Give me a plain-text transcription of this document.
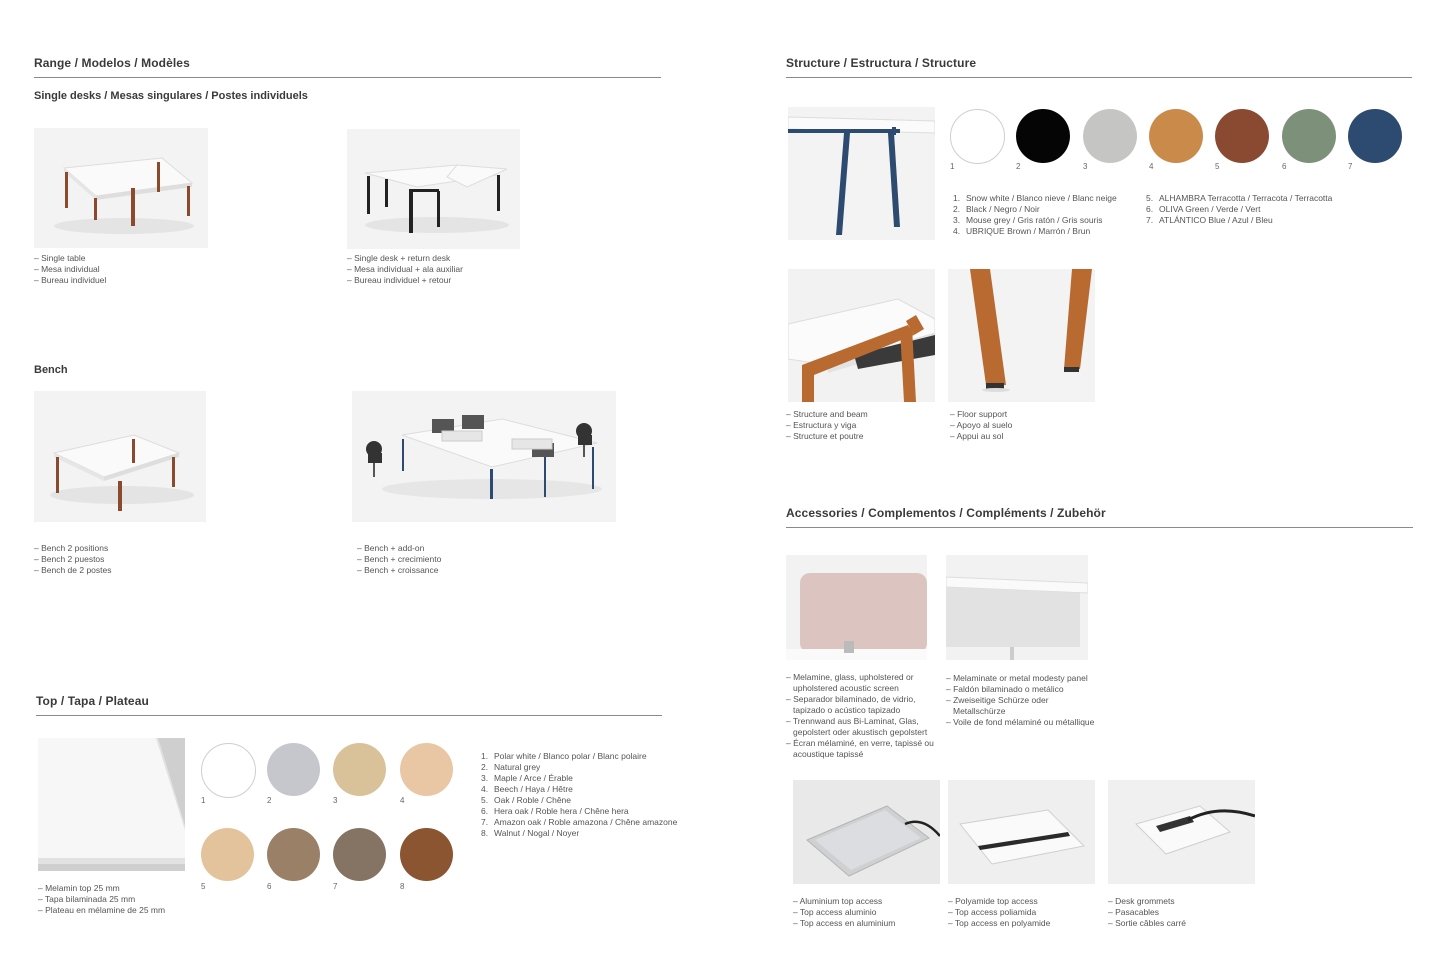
Range / Modelos / Modèles
Single desks / Mesas singulares / Postes individuels
– Single table
– Mesa individual
– Bureau individuel
– Single desk + return desk
– Mesa individual + ala auxiliar
– Bureau individuel + retour
Bench
– Bench 2 positions
– Bench 2 puestos
– Bench de 2 postes
– Bench + add-on
– Bench + crecimiento
– Bench + croissance
Top / Tapa / Plateau
– Melamin top 25 mm
– Tapa bilaminada 25 mm
– Plateau en mélamine de 25 mm
1	2	3	4
5	6	7	8
1. Polar white / Blanco polar / Blanc polaire
2. Natural grey
3. Maple / Arce / Érable
4. Beech / Haya / Hêtre
5. Oak / Roble / Chêne
6. Hera oak / Roble hera / Chêne hera
7. Amazon oak / Roble amazona / Chêne amazone
8. Walnut / Nogal / Noyer
Structure / Estructura / Structure
1	2	3	4	5	6	7
1. Snow white / Blanco nieve / Blanc neige
2. Black / Negro / Noir
3. Mouse grey / Gris ratón / Gris souris
4. UBRIQUE Brown / Marrón / Brun
5. ALHAMBRA Terracotta / Terracota / Terracotta
6. OLIVA Green / Verde / Vert
7. ATLÁNTICO Blue / Azul / Bleu
– Structure and beam
– Estructura y viga
– Structure et poutre
– Floor support
– Apoyo al suelo
– Appui au sol
Accessories / Complementos / Compléments / Zubehör
– Melamine, glass, upholstered or
upholstered acoustic screen
– Separador bilaminado, de vidrio,
tapizado o acústico tapizado
– Trennwand aus Bi-Laminat, Glas,
gepolstert oder akustisch gepolstert
– Écran mélaminé, en verre, tapissé ou
acoustique tapissé
– Melaminate or metal modesty panel
– Faldón bilaminado o metálico
– Zweiseitige Schürze oder
Metallschürze
– Voile de fond mélaminé ou métallique
– Aluminium top access
– Top access aluminio
– Top access en aluminium
– Polyamide top access
– Top access poliamida
– Top access en polyamide
– Desk grommets
– Pasacables
– Sortie câbles carré
